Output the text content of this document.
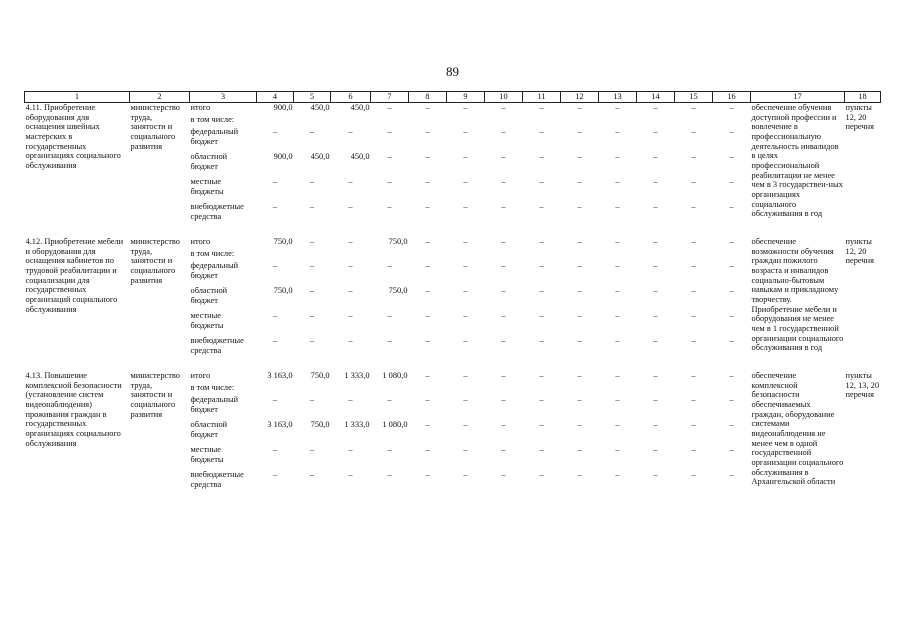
89
1	2	3	4	5	6	7	8	9	10	11	12	13	14	15	16	17	18
4.11. Приобретение оборудования для оснащения швейных мастерских в государственных организациях социального обслуживания	министерство труда, занятости и социального развития	итого	900,0	450,0	450,0	–	–	–	–	–	–	–	–	–	–	обеспечение обучения доступной профессии и вовлечение в профессиональную деятельность инвалидов в целях профессиональной реабилитации не менее чем в 3 государствен-ных организациях социального обслуживания в год	пункты 12, 20 перечня
		в том числе:															
		федеральный бюджет	–	–	–	–	–	–	–	–	–	–	–	–	–		
		областной бюджет	900,0	450,0	450,0	–	–	–	–	–	–	–	–	–	–		
		местные бюджеты	–	–	–	–	–	–	–	–	–	–	–	–	–		
		внебюджетные средства	–	–	–	–	–	–	–	–	–	–	–	–	–		

4.12. Приобретение мебели и оборудования для оснащения кабинетов по трудовой реабилитации и социализации для государственных организаций социального обслуживания	министерство труда, занятости и социального развития	итого	750,0	–	–	750,0	–	–	–	–	–	–	–	–	–	обеспечение возможности обучения граждан пожилого возраста и инвалидов социально-бытовым навыкам и прикладному творчеству. Приобретение мебели и оборудования не менее чем в 1 государственной организации социального обслуживания в год	пункты 12, 20 перечня
		в том числе:															
		федеральный бюджет	–	–	–	–	–	–	–	–	–	–	–	–	–		
		областной бюджет	750,0	–	–	750,0	–	–	–	–	–	–	–	–	–		
		местные бюджеты	–	–	–	–	–	–	–	–	–	–	–	–	–		
		внебюджетные средства	–	–	–	–	–	–	–	–	–	–	–	–	–		

4.13. Повышение комплексной безопасности (установление систем видеонаблюдения) проживания граждан в государственных организациях социального обслуживания	министерство труда, занятости и социального развития	итого	3 163,0	750,0	1 333,0	1 080,0	–	–	–	–	–	–	–	–	–	обеспечение комплексной безопасности обеспечиваемых граждан, оборудование системами видеонаблюдения не менее чем в одной государственной организации социального обслуживания в Архангельской области	пункты 12, 13, 20 перечня
		в том числе:															
		федеральный бюджет	–	–	–	–	–	–	–	–	–	–	–	–	–		
		областной бюджет	3 163,0	750,0	1 333,0	1 080,0	–	–	–	–	–	–	–	–	–		
		местные бюджеты	–	–	–	–	–	–	–	–	–	–	–	–	–		
		внебюджетные средства	–	–	–	–	–	–	–	–	–	–	–	–	–		
